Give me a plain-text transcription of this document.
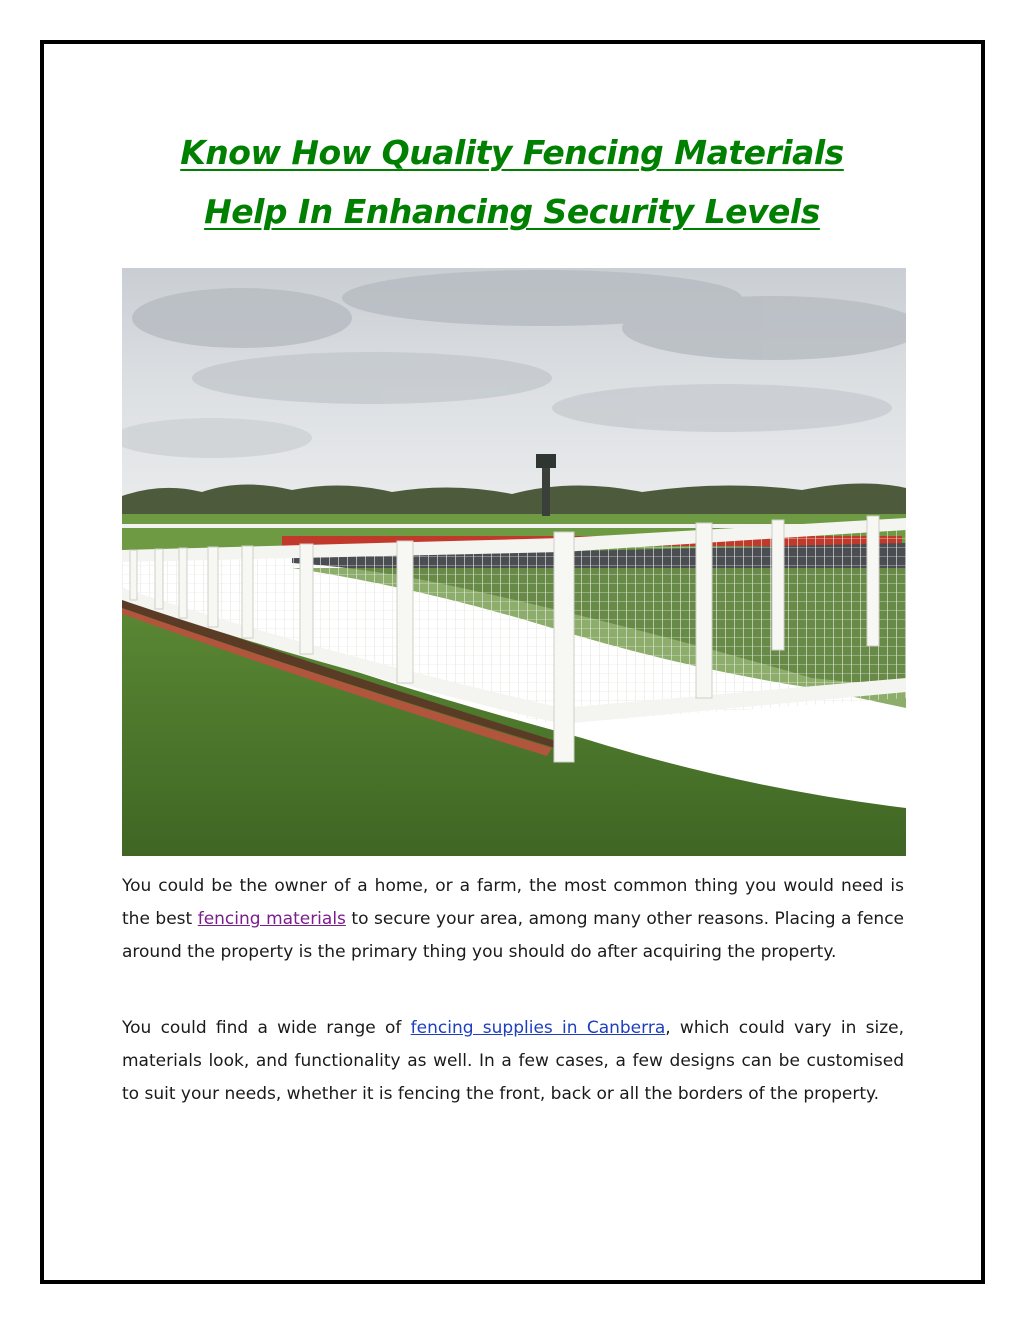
Know How Quality Fencing Materials
Help In Enhancing Security Levels

You could be the owner of a home, or a farm, the most common thing you would need is the best fencing materials to secure your area, among many other reasons. Placing a fence around the property is the primary thing you should do after acquiring the property.

You could find a wide range of fencing supplies in Canberra, which could vary in size, materials look, and functionality as well. In a few cases, a few designs can be customised to suit your needs, whether it is fencing the front, back or all the borders of the property.
